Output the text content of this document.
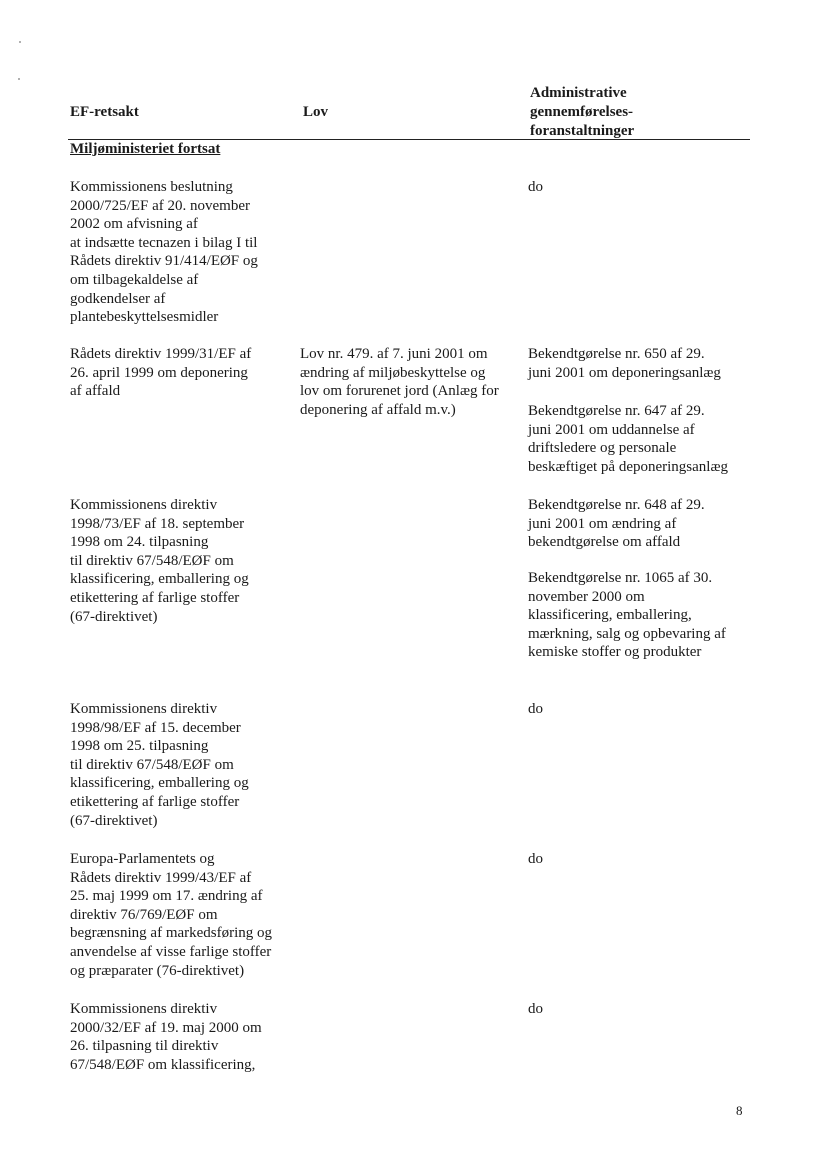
EF-retsakt	Lov
Administrative
gennemførelses-
foranstaltninger
Miljøministeriet fortsat
Kommissionens beslutning
2000/725/EF af 20. november
2002 om afvisning af
at indsætte tecnazen i bilag I til
Rådets direktiv 91/414/EØF og
om tilbagekaldelse af
godkendelser af
plantebeskyttelsesmidler
do
Rådets direktiv 1999/31/EF af
26. april 1999 om deponering
af affald
Lov nr. 479. af 7. juni 2001 om
ændring af miljøbeskyttelse og
lov om forurenet jord (Anlæg for
deponering af affald m.v.)
Bekendtgørelse nr. 650 af 29.
juni 2001 om deponeringsanlæg
Bekendtgørelse nr. 647 af 29.
juni 2001 om uddannelse af
driftsledere og personale
beskæftiget på deponeringsanlæg
Kommissionens direktiv
1998/73/EF af 18. september
1998 om 24. tilpasning
til direktiv 67/548/EØF om
klassificering, emballering og
etikettering af farlige stoffer
(67-direktivet)
Bekendtgørelse nr. 648 af 29.
juni 2001 om ændring af
bekendtgørelse om affald
Bekendtgørelse nr. 1065 af 30.
november 2000 om
klassificering, emballering,
mærkning, salg og opbevaring af
kemiske stoffer og produkter
Kommissionens direktiv
1998/98/EF af 15. december
1998 om 25. tilpasning
til direktiv 67/548/EØF om
klassificering, emballering og
etikettering af farlige stoffer
(67-direktivet)
do
Europa-Parlamentets og
Rådets direktiv 1999/43/EF af
25. maj 1999 om 17. ændring af
direktiv 76/769/EØF om
begrænsning af markedsføring og
anvendelse af visse farlige stoffer
og præparater (76-direktivet)
do
Kommissionens direktiv
2000/32/EF af 19. maj 2000 om
26. tilpasning til direktiv
67/548/EØF om klassificering,
do
8
